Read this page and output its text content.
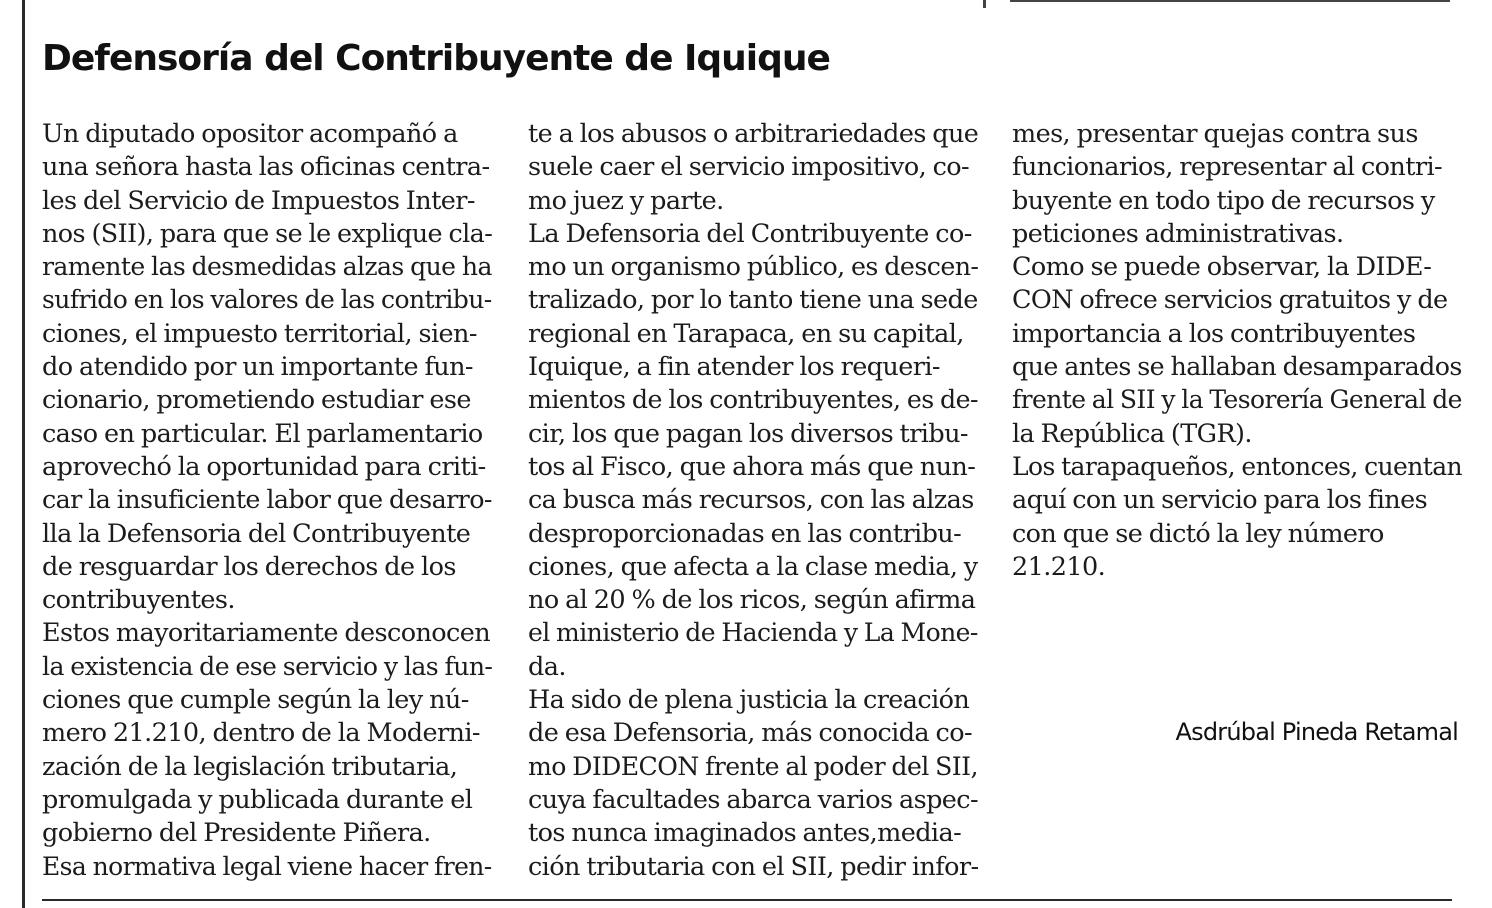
Defensoría del Contribuyente de Iquique
Un diputado opositor acompañó a
una señora hasta las oficinas centra-
les del Servicio de Impuestos Inter-
nos (SII), para que se le explique cla-
ramente las desmedidas alzas que ha
sufrido en los valores de las contribu-
ciones, el impuesto territorial, sien-
do atendido por un importante fun-
cionario, prometiendo estudiar ese
caso en particular. El parlamentario
aprovechó la oportunidad para criti-
car la insuficiente labor que desarro-
lla la Defensoria del Contribuyente
de resguardar los derechos de los
contribuyentes.
Estos mayoritariamente desconocen
la existencia de ese servicio y las fun-
ciones que cumple según la ley nú-
mero 21.210, dentro de la Moderni-
zación de la legislación tributaria,
promulgada y publicada durante el
gobierno del Presidente Piñera.
Esa normativa legal viene hacer fren-
te a los abusos o arbitrariedades que
suele caer el servicio impositivo, co-
mo juez y parte.
La Defensoria del Contribuyente co-
mo un organismo público, es descen-
tralizado, por lo tanto tiene una sede
regional en Tarapaca, en su capital,
Iquique, a fin atender los requeri-
mientos de los contribuyentes, es de-
cir, los que pagan los diversos tribu-
tos al Fisco, que ahora más que nun-
ca busca más recursos, con las alzas
desproporcionadas en las contribu-
ciones, que afecta a la clase media, y
no al 20 % de los ricos, según afirma
el ministerio de Hacienda y La Mone-
da.
Ha sido de plena justicia la creación
de esa Defensoria, más conocida co-
mo DIDECON frente al poder del SII,
cuya facultades abarca varios aspec-
tos nunca imaginados antes,media-
ción tributaria con el SII, pedir infor-
mes, presentar quejas contra sus
funcionarios, representar al contri-
buyente en todo tipo de recursos y
peticiones administrativas.
Como se puede observar, la DIDE-
CON ofrece servicios gratuitos y de
importancia a los contribuyentes
que antes se hallaban desamparados
frente al SII y la Tesorería General de
la República (TGR).
Los tarapaqueños, entonces, cuentan
aquí con un servicio para los fines
con que se dictó la ley número
21.210.

Asdrúbal Pineda Retamal
